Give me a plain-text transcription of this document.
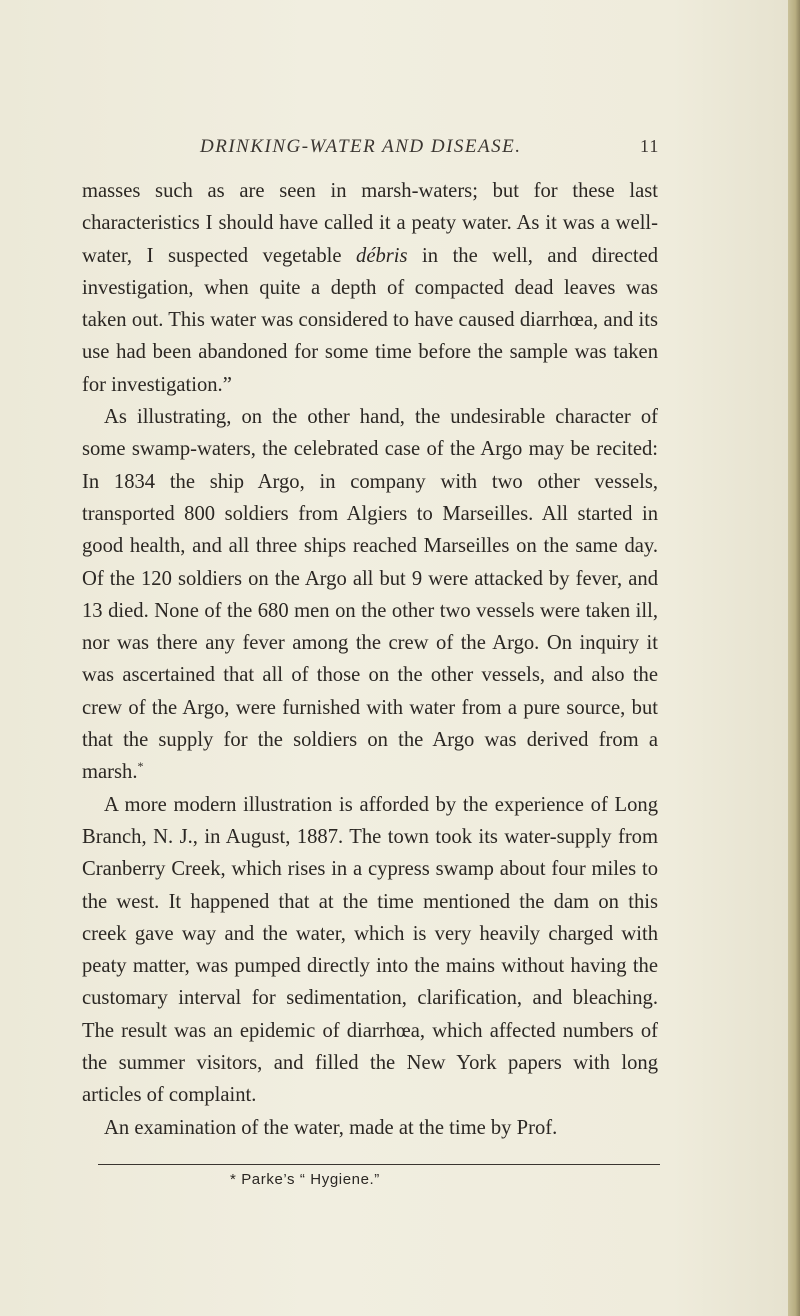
DRINKING-WATER AND DISEASE.	11

masses such as are seen in marsh-waters; but for these last characteristics I should have called it a peaty water. As it was a well-water, I suspected vegetable débris in the well, and directed investigation, when quite a depth of compacted dead leaves was taken out. This water was considered to have caused diarrhœa, and its use had been abandoned for some time before the sample was taken for investigation.”

As illustrating, on the other hand, the undesirable character of some swamp-waters, the celebrated case of the Argo may be recited: In 1834 the ship Argo, in company with two other vessels, transported 800 soldiers from Algiers to Marseilles. All started in good health, and all three ships reached Marseilles on the same day. Of the 120 soldiers on the Argo all but 9 were attacked by fever, and 13 died. None of the 680 men on the other two vessels were taken ill, nor was there any fever among the crew of the Argo. On inquiry it was ascertained that all of those on the other vessels, and also the crew of the Argo, were furnished with water from a pure source, but that the supply for the soldiers on the Argo was derived from a marsh.*

A more modern illustration is afforded by the experience of Long Branch, N. J., in August, 1887. The town took its water-supply from Cranberry Creek, which rises in a cypress swamp about four miles to the west. It happened that at the time mentioned the dam on this creek gave way and the water, which is very heavily charged with peaty matter, was pumped directly into the mains without having the customary interval for sedimentation, clarification, and bleaching. The result was an epidemic of diarrhœa, which affected numbers of the summer visitors, and filled the New York papers with long articles of complaint.

An examination of the water, made at the time by Prof.

* Parke’s “ Hygiene.”
